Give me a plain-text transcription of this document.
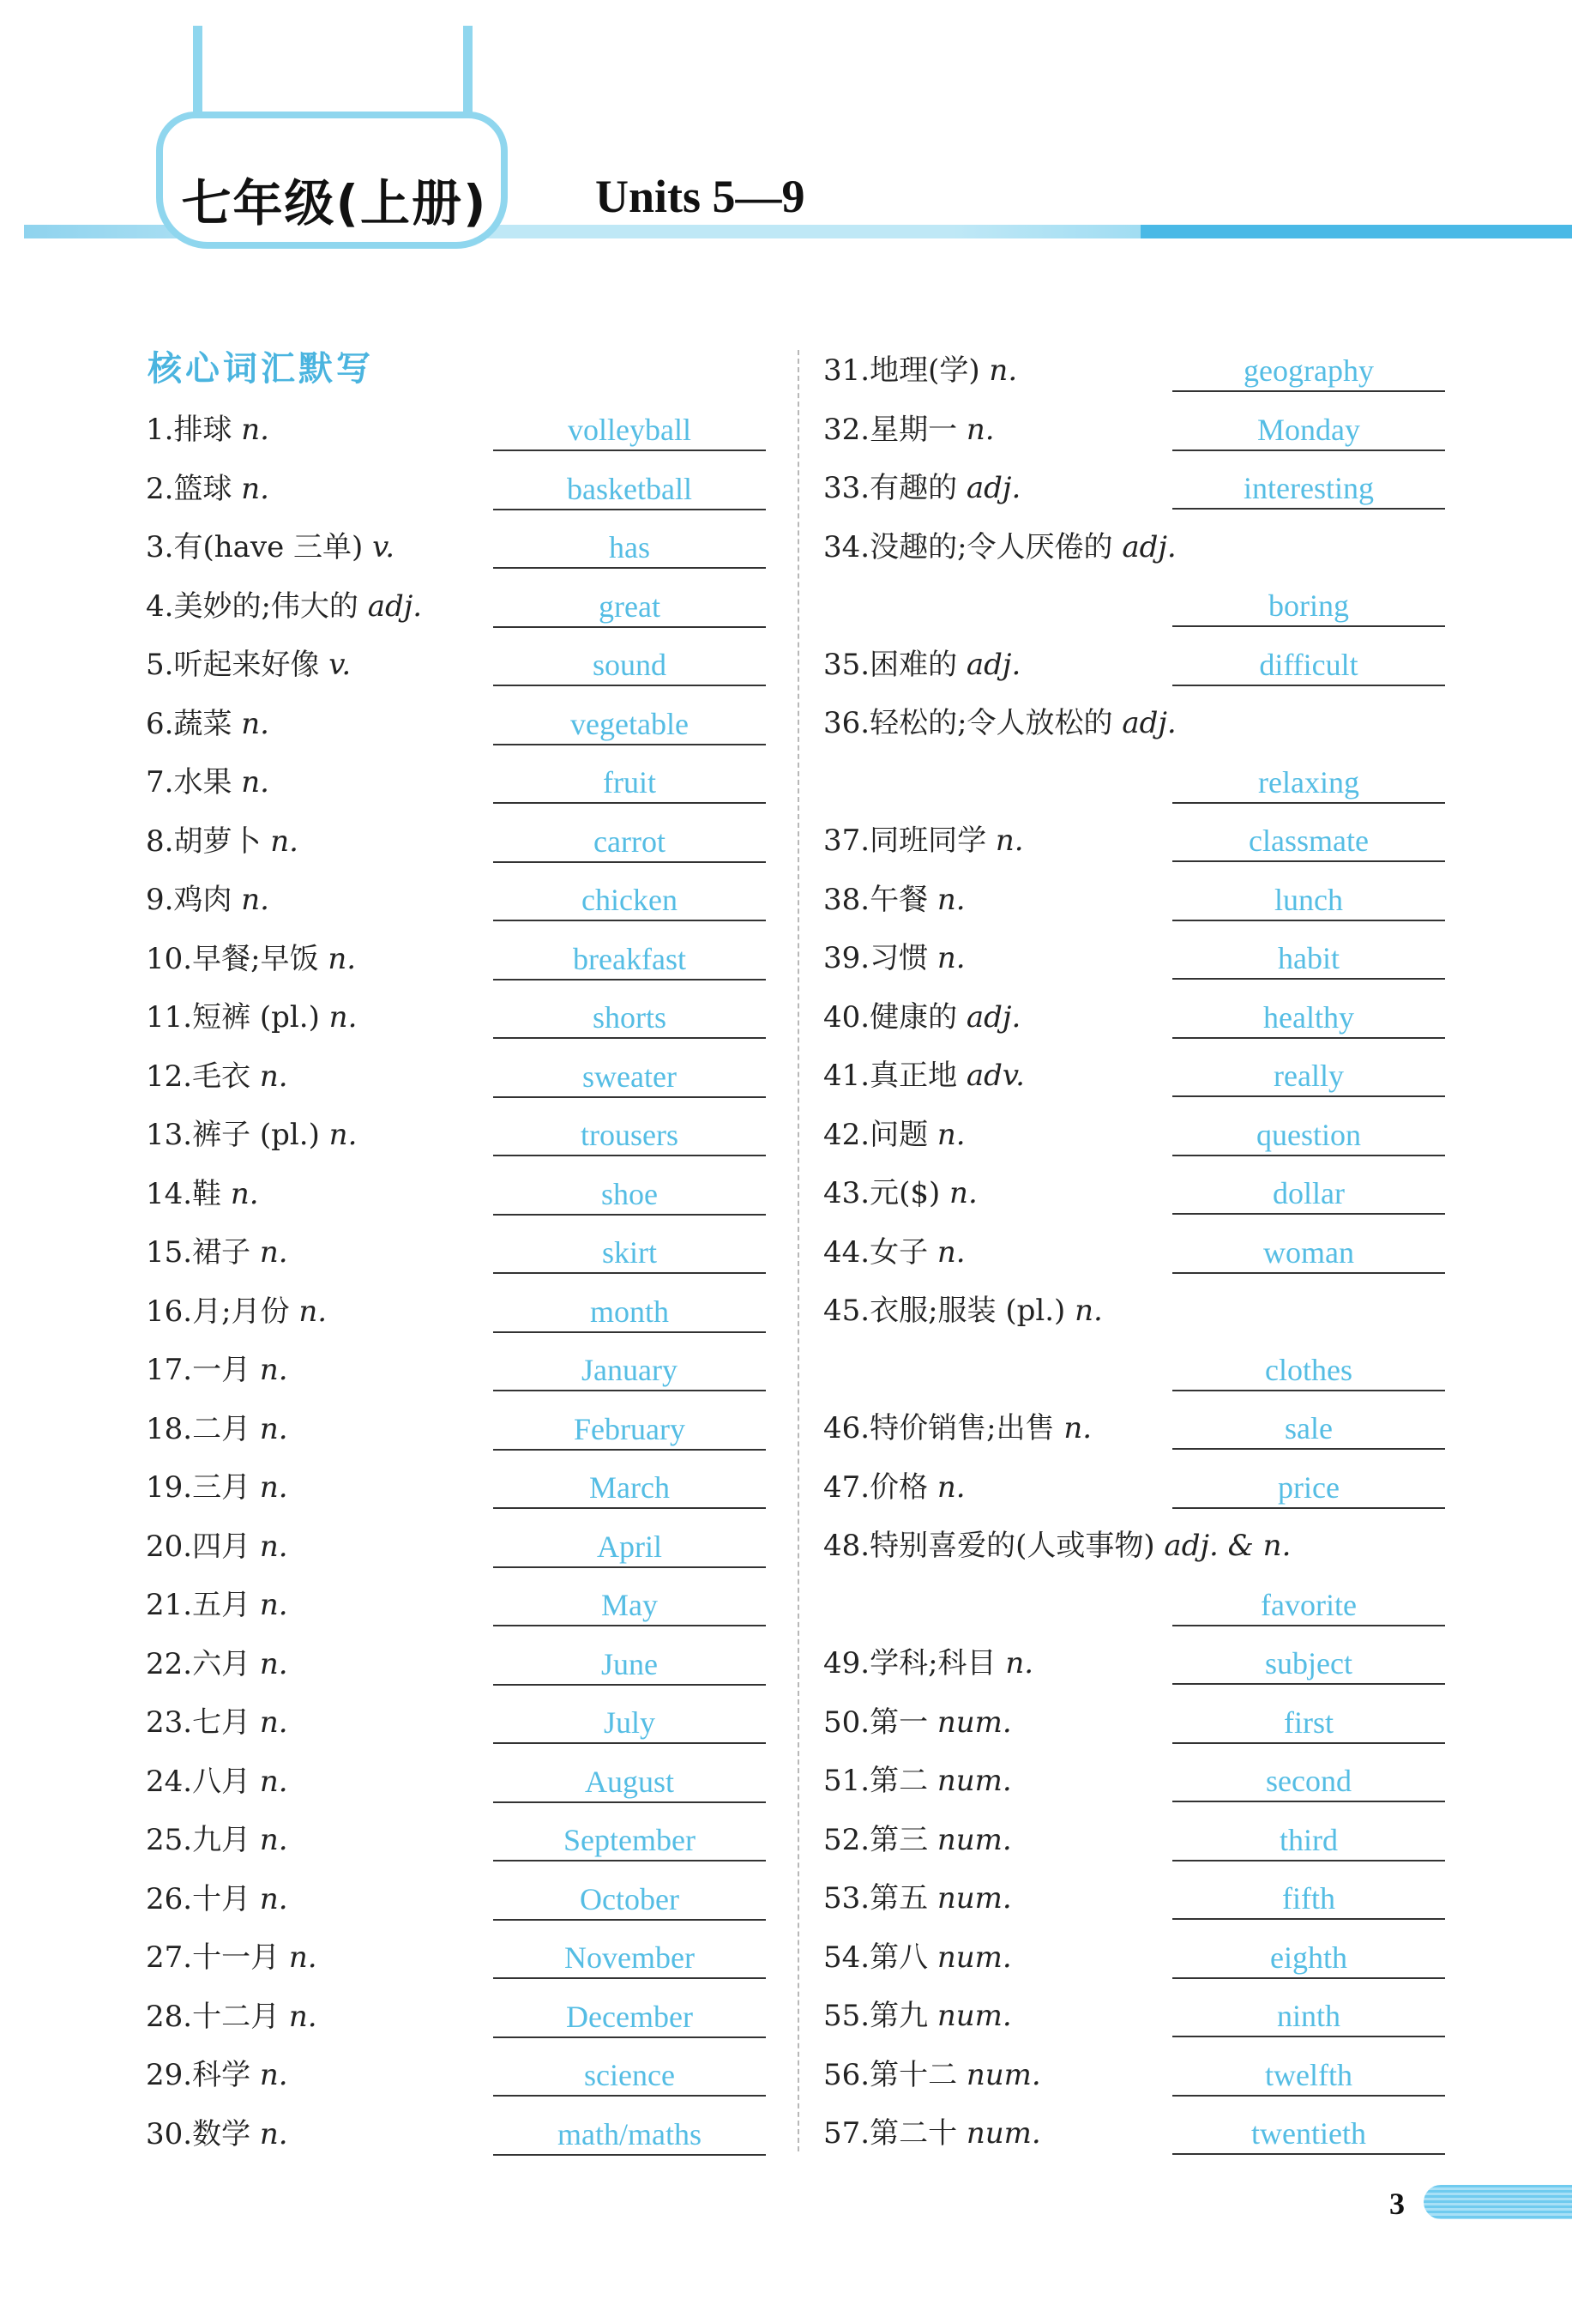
七年级(上册) Units 5—9
核心词汇默写
1.排球 n.	volleyball
2.篮球 n.	basketball
3.有(have 三单) v.	has
4.美妙的;伟大的 adj.	great
5.听起来好像 v.	sound
6.蔬菜 n.	vegetable
7.水果 n.	fruit
8.胡萝卜 n.	carrot
9.鸡肉 n.	chicken
10.早餐;早饭 n.	breakfast
11.短裤 (pl.) n.	shorts
12.毛衣 n.	sweater
13.裤子 (pl.) n.	trousers
14.鞋 n.	shoe
15.裙子 n.	skirt
16.月;月份 n.	month
17.一月 n.	January
18.二月 n.	February
19.三月 n.	March
20.四月 n.	April
21.五月 n.	May
22.六月 n.	June
23.七月 n.	July
24.八月 n.	August
25.九月 n.	September
26.十月 n.	October
27.十一月 n.	November
28.十二月 n.	December
29.科学 n.	science
30.数学 n.	math/maths
31.地理(学) n.	geography
32.星期一 n.	Monday
33.有趣的 adj.	interesting
34.没趣的;令人厌倦的 adj.
boring
35.困难的 adj.	difficult
36.轻松的;令人放松的 adj.
relaxing
37.同班同学 n.	classmate
38.午餐 n.	lunch
39.习惯 n.	habit
40.健康的 adj.	healthy
41.真正地 adv.	really
42.问题 n.	question
43.元($) n.	dollar
44.女子 n.	woman
45.衣服;服装 (pl.) n.
clothes
46.特价销售;出售 n.	sale
47.价格 n.	price
48.特别喜爱的(人或事物) adj. & n.
favorite
49.学科;科目 n.	subject
50.第一 num.	first
51.第二 num.	second
52.第三 num.	third
53.第五 num.	fifth
54.第八 num.	eighth
55.第九 num.	ninth
56.第十二 num.	twelfth
57.第二十 num.	twentieth
3
